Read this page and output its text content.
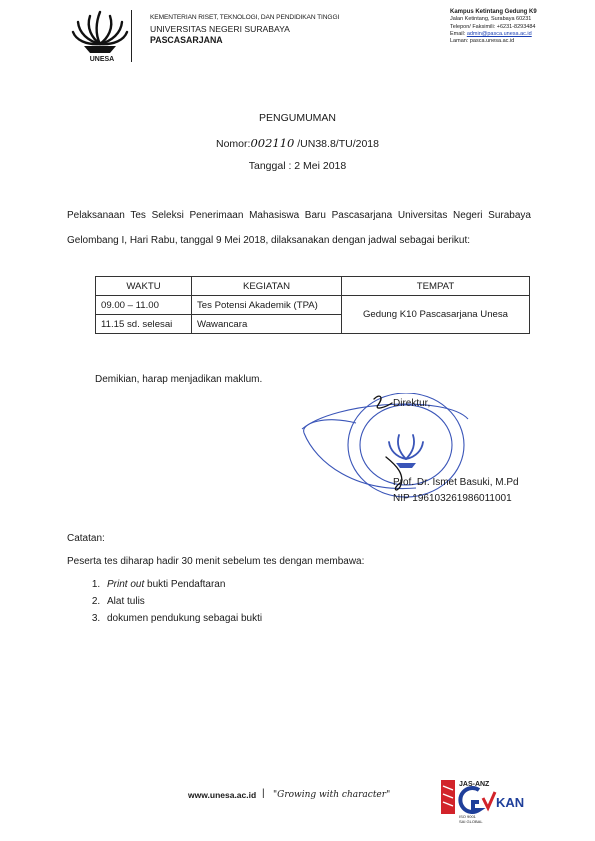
UNESA
KEMENTERIAN RISET, TEKNOLOGI, DAN PENDIDIKAN TINGGI
UNIVERSITAS NEGERI SURABAYA
PASCASARJANA
Kampus Ketintang Gedung K9
Jalan Ketintang, Surabaya 60231
Telepon/ Faksimili: +6231-8293484
Email: admin@pasca.unesa.ac.id
Laman: pasca.unesa.ac.id
PENGUMUMAN
Nomor:002110 /UN38.8/TU/2018
Tanggal : 2 Mei 2018
Pelaksanaan Tes Seleksi Penerimaan Mahasiswa Baru Pascasarjana Universitas Negeri Surabaya Gelombang I, Hari Rabu, tanggal 9 Mei 2018, dilaksanakan dengan jadwal sebagai berikut:
WAKTU	KEGIATAN	TEMPAT
09.00 – 11.00	Tes Potensi Akademik (TPA)	Gedung K10 Pascasarjana Unesa
11.15 sd. selesai	Wawancara	
Demikian, harap menjadikan maklum.
Direktur,
Prof. Dr. Ismet Basuki, M.Pd
NIP 196103261986011001
Catatan:
Peserta tes diharap hadir 30 menit sebelum tes dengan membawa:
1. Print out bukti Pendaftaran
2. Alat tulis
3. dokumen pendukung sebagai bukti
www.unesa.ac.id | "Growing with character"
JAS-ANZ
KAN
ISO 9001
SAI GLOBAL
